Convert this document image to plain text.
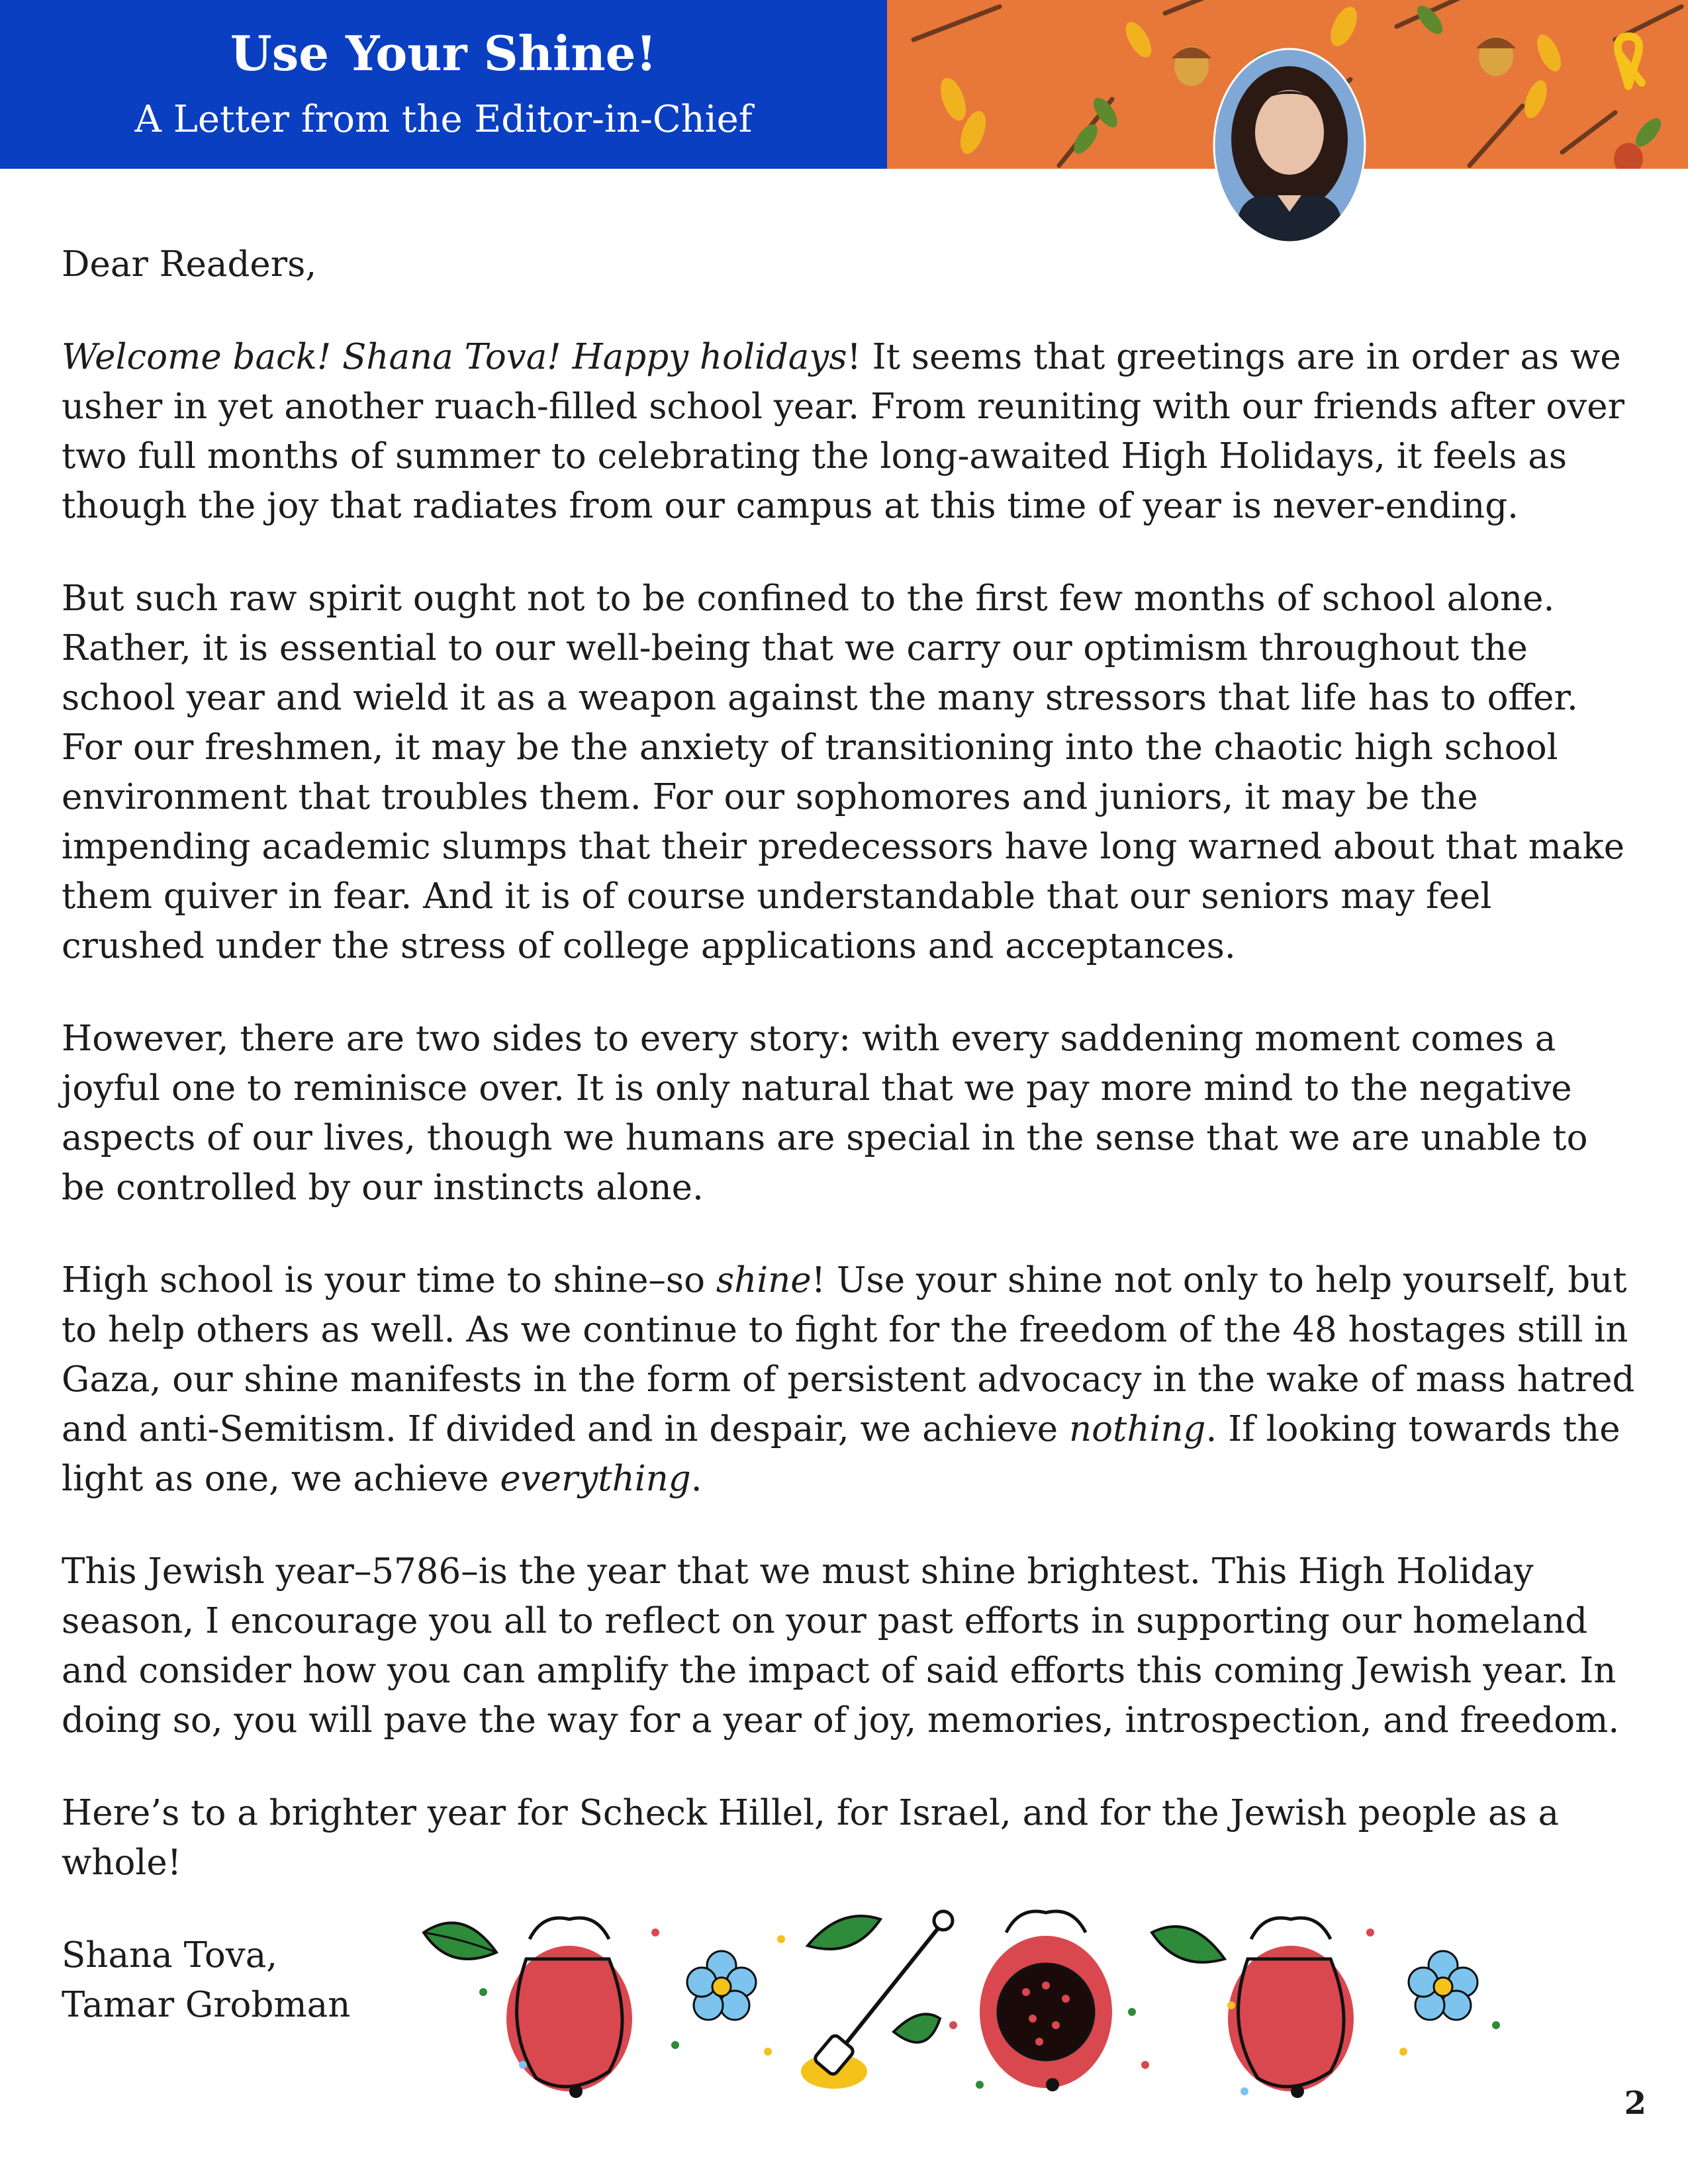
Use Your Shine!
A Letter from the Editor-in-Chief

Dear Readers,

Welcome back! Shana Tova! Happy holidays! It seems that greetings are in order as we usher in yet another ruach-filled school year. From reuniting with our friends after over two full months of summer to celebrating the long-awaited High Holidays, it feels as though the joy that radiates from our campus at this time of year is never-ending.

But such raw spirit ought not to be confined to the first few months of school alone. Rather, it is essential to our well-being that we carry our optimism throughout the school year and wield it as a weapon against the many stressors that life has to offer. For our freshmen, it may be the anxiety of transitioning into the chaotic high school environment that troubles them. For our sophomores and juniors, it may be the impending academic slumps that their predecessors have long warned about that make them quiver in fear. And it is of course understandable that our seniors may feel crushed under the stress of college applications and acceptances.

However, there are two sides to every story: with every saddening moment comes a joyful one to reminisce over. It is only natural that we pay more mind to the negative aspects of our lives, though we humans are special in the sense that we are unable to be controlled by our instincts alone.

High school is your time to shine–so shine! Use your shine not only to help yourself, but to help others as well. As we continue to fight for the freedom of the 48 hostages still in Gaza, our shine manifests in the form of persistent advocacy in the wake of mass hatred and anti-Semitism. If divided and in despair, we achieve nothing. If looking towards the light as one, we achieve everything.

This Jewish year–5786–is the year that we must shine brightest. This High Holiday season, I encourage you all to reflect on your past efforts in supporting our homeland and consider how you can amplify the impact of said efforts this coming Jewish year. In doing so, you will pave the way for a year of joy, memories, introspection, and freedom.

Here’s to a brighter year for Scheck Hillel, for Israel, and for the Jewish people as a whole!

Shana Tova,

Tamar Grobman

2
